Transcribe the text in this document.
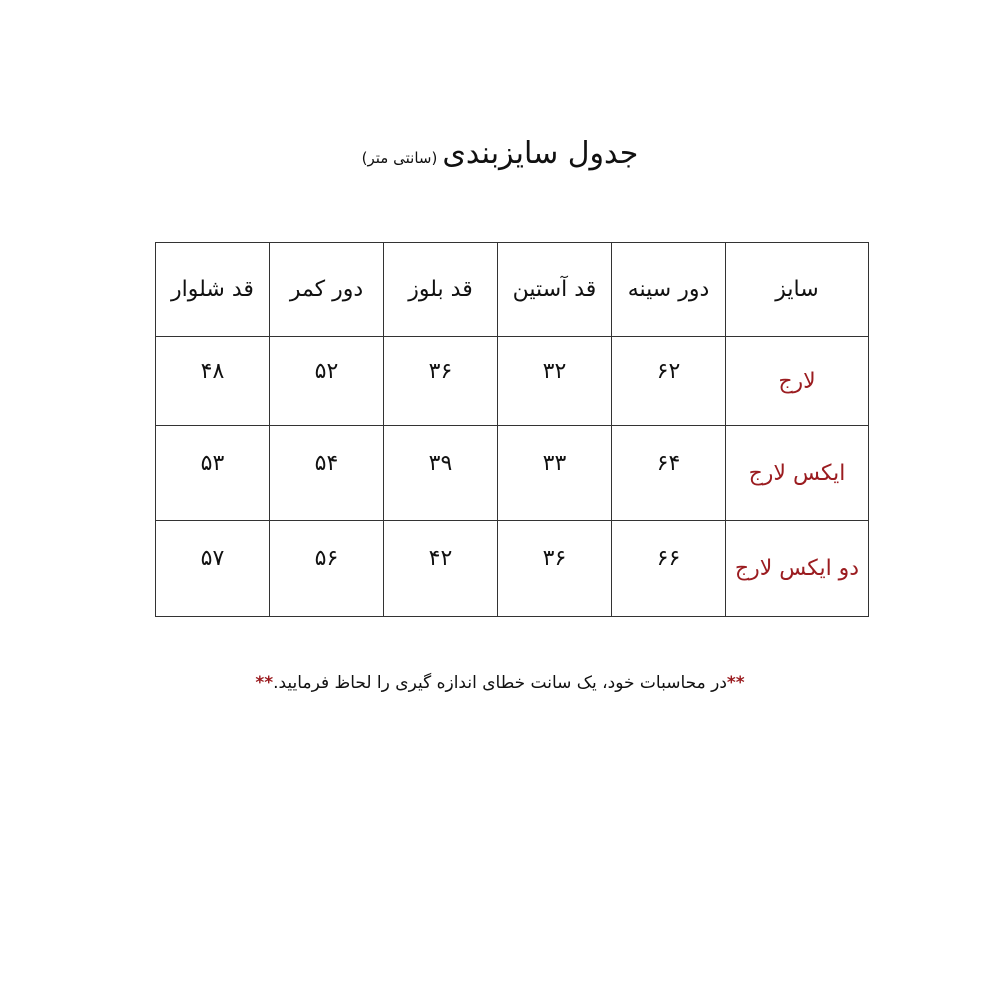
جدول سایزبندی (سانتی متر)
سایز	دور سینه	قد آستین	قد بلوز	دور کمر	قد شلوار
لارج	۶۲	۳۲	۳۶	۵۲	۴۸
ایکس لارج	۶۴	۳۳	۳۹	۵۴	۵۳
دو ایکس لارج	۶۶	۳۶	۴۲	۵۶	۵۷
**در محاسبات خود، یک سانت خطای اندازه گیری را لحاظ فرمایید.**
